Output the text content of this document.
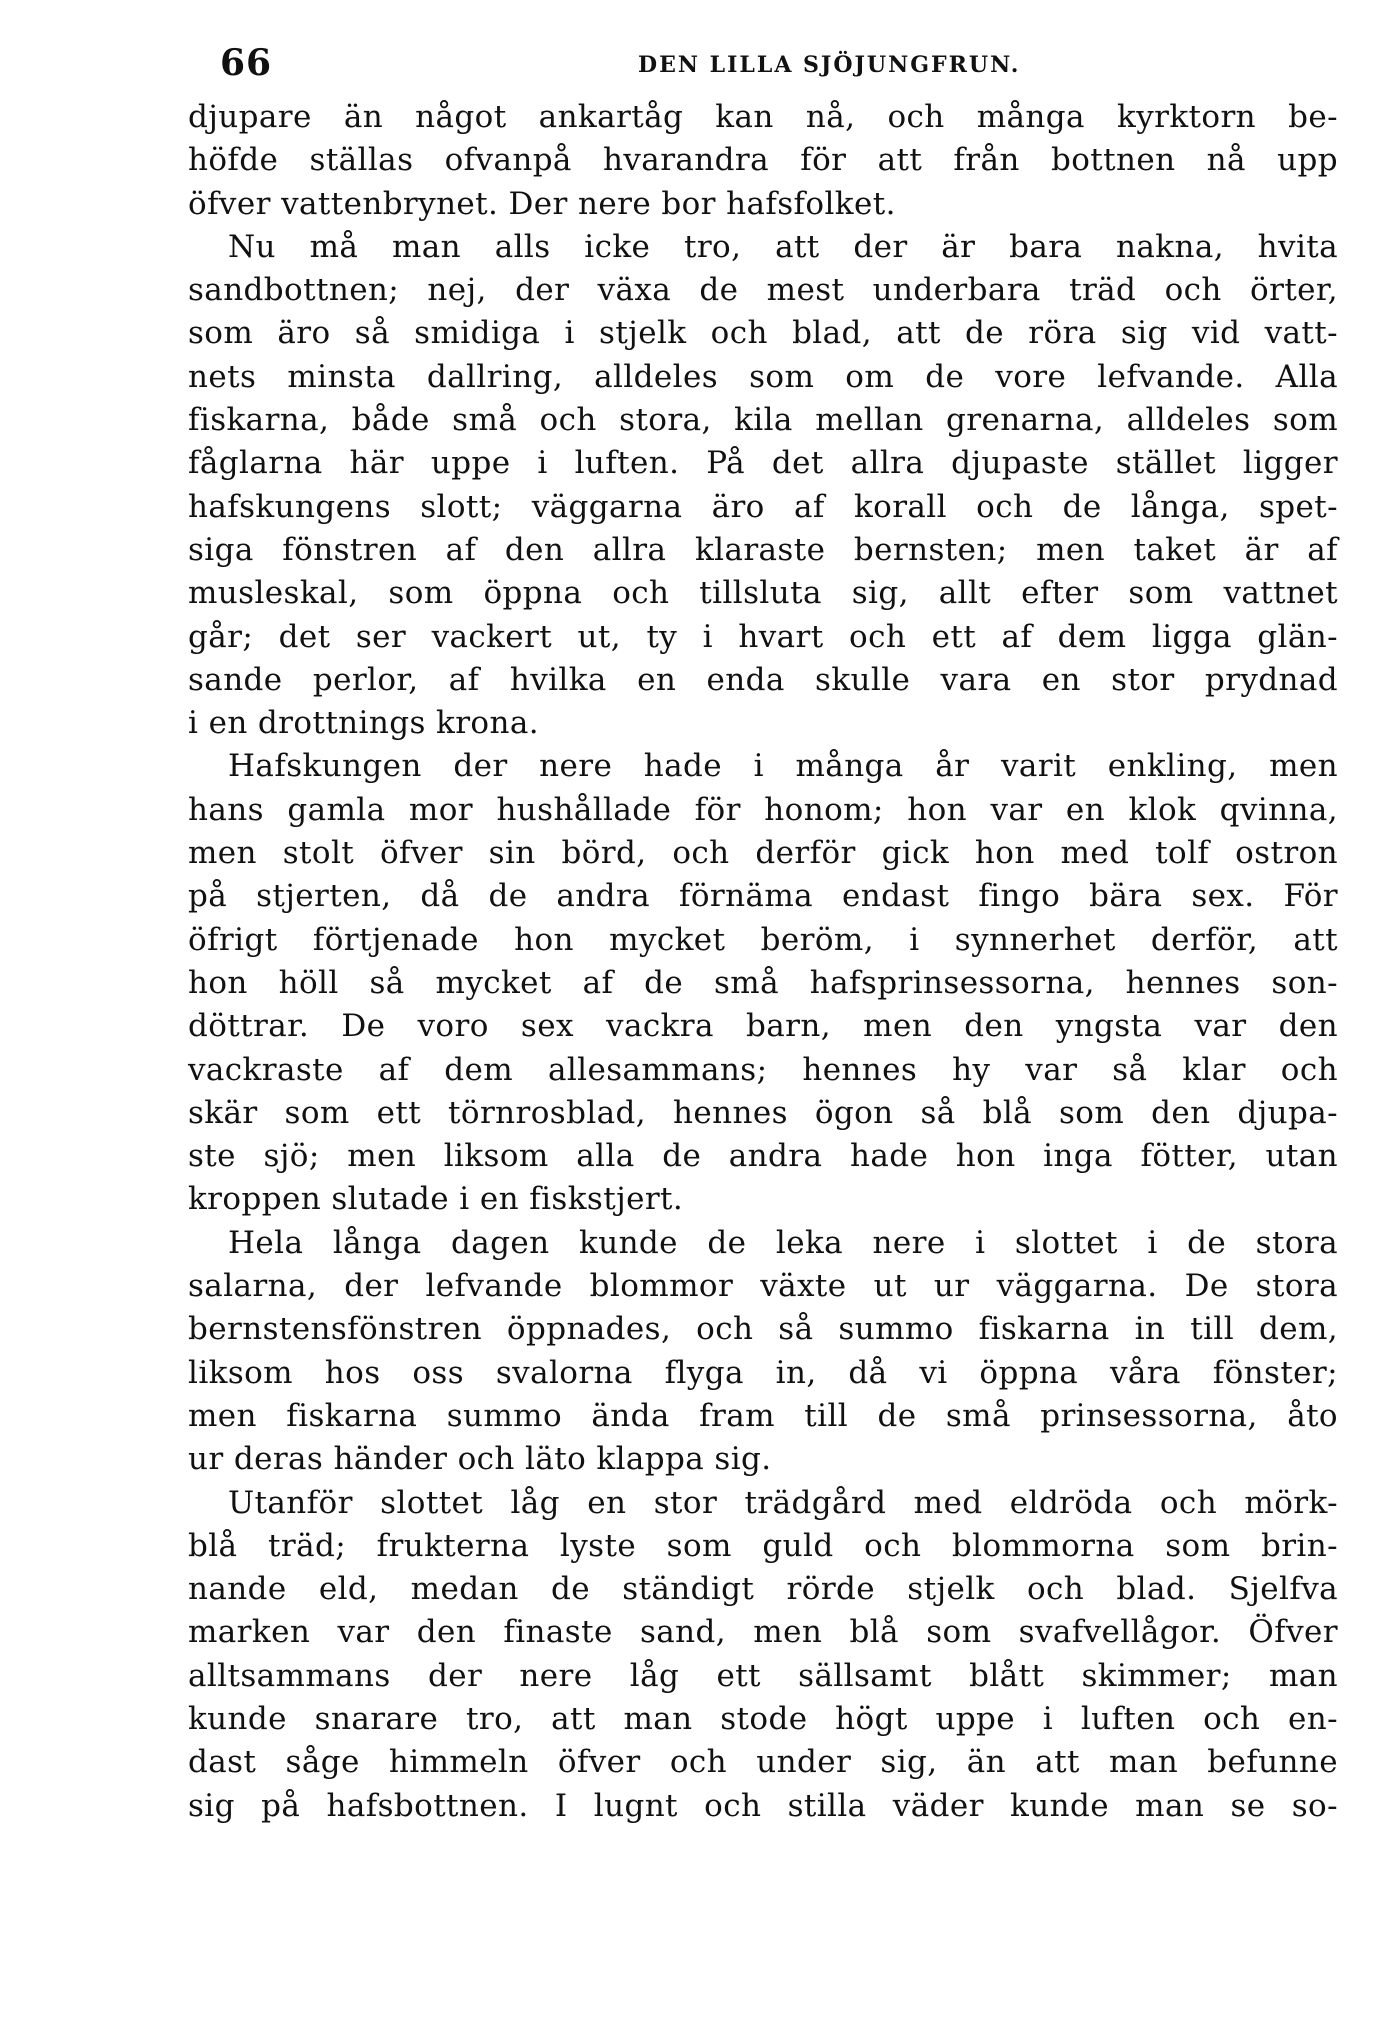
66	DEN LILLA SJÖJUNGFRUN.
djupare än något ankartåg kan nå, och många kyrktorn be-
höfde ställas ofvanpå hvarandra för att från bottnen nå upp
öfver vattenbrynet. Der nere bor hafsfolket.
Nu må man alls icke tro, att der är bara nakna, hvita
sandbottnen; nej, der växa de mest underbara träd och örter,
som äro så smidiga i stjelk och blad, att de röra sig vid vatt-
nets minsta dallring, alldeles som om de vore lefvande. Alla
fiskarna, både små och stora, kila mellan grenarna, alldeles som
fåglarna här uppe i luften. På det allra djupaste stället ligger
hafskungens slott; väggarna äro af korall och de långa, spet-
siga fönstren af den allra klaraste bernsten; men taket är af
musleskal, som öppna och tillsluta sig, allt efter som vattnet
går; det ser vackert ut, ty i hvart och ett af dem ligga glän-
sande perlor, af hvilka en enda skulle vara en stor prydnad
i en drottnings krona.
Hafskungen der nere hade i många år varit enkling, men
hans gamla mor hushållade för honom; hon var en klok qvinna,
men stolt öfver sin börd, och derför gick hon med tolf ostron
på stjerten, då de andra förnäma endast fingo bära sex. För
öfrigt förtjenade hon mycket beröm, i synnerhet derför, att
hon höll så mycket af de små hafsprinsessorna, hennes son-
döttrar. De voro sex vackra barn, men den yngsta var den
vackraste af dem allesammans; hennes hy var så klar och
skär som ett törnrosblad, hennes ögon så blå som den djupa-
ste sjö; men liksom alla de andra hade hon inga fötter, utan
kroppen slutade i en fiskstjert.
Hela långa dagen kunde de leka nere i slottet i de stora
salarna, der lefvande blommor växte ut ur väggarna. De stora
bernstensfönstren öppnades, och så summo fiskarna in till dem,
liksom hos oss svalorna flyga in, då vi öppna våra fönster;
men fiskarna summo ända fram till de små prinsessorna, åto
ur deras händer och läto klappa sig.
Utanför slottet låg en stor trädgård med eldröda och mörk-
blå träd; frukterna lyste som guld och blommorna som brin-
nande eld, medan de ständigt rörde stjelk och blad. Sjelfva
marken var den finaste sand, men blå som svafvellågor. Öfver
alltsammans der nere låg ett sällsamt blått skimmer; man
kunde snarare tro, att man stode högt uppe i luften och en-
dast såge himmeln öfver och under sig, än att man befunne
sig på hafsbottnen. I lugnt och stilla väder kunde man se so-
